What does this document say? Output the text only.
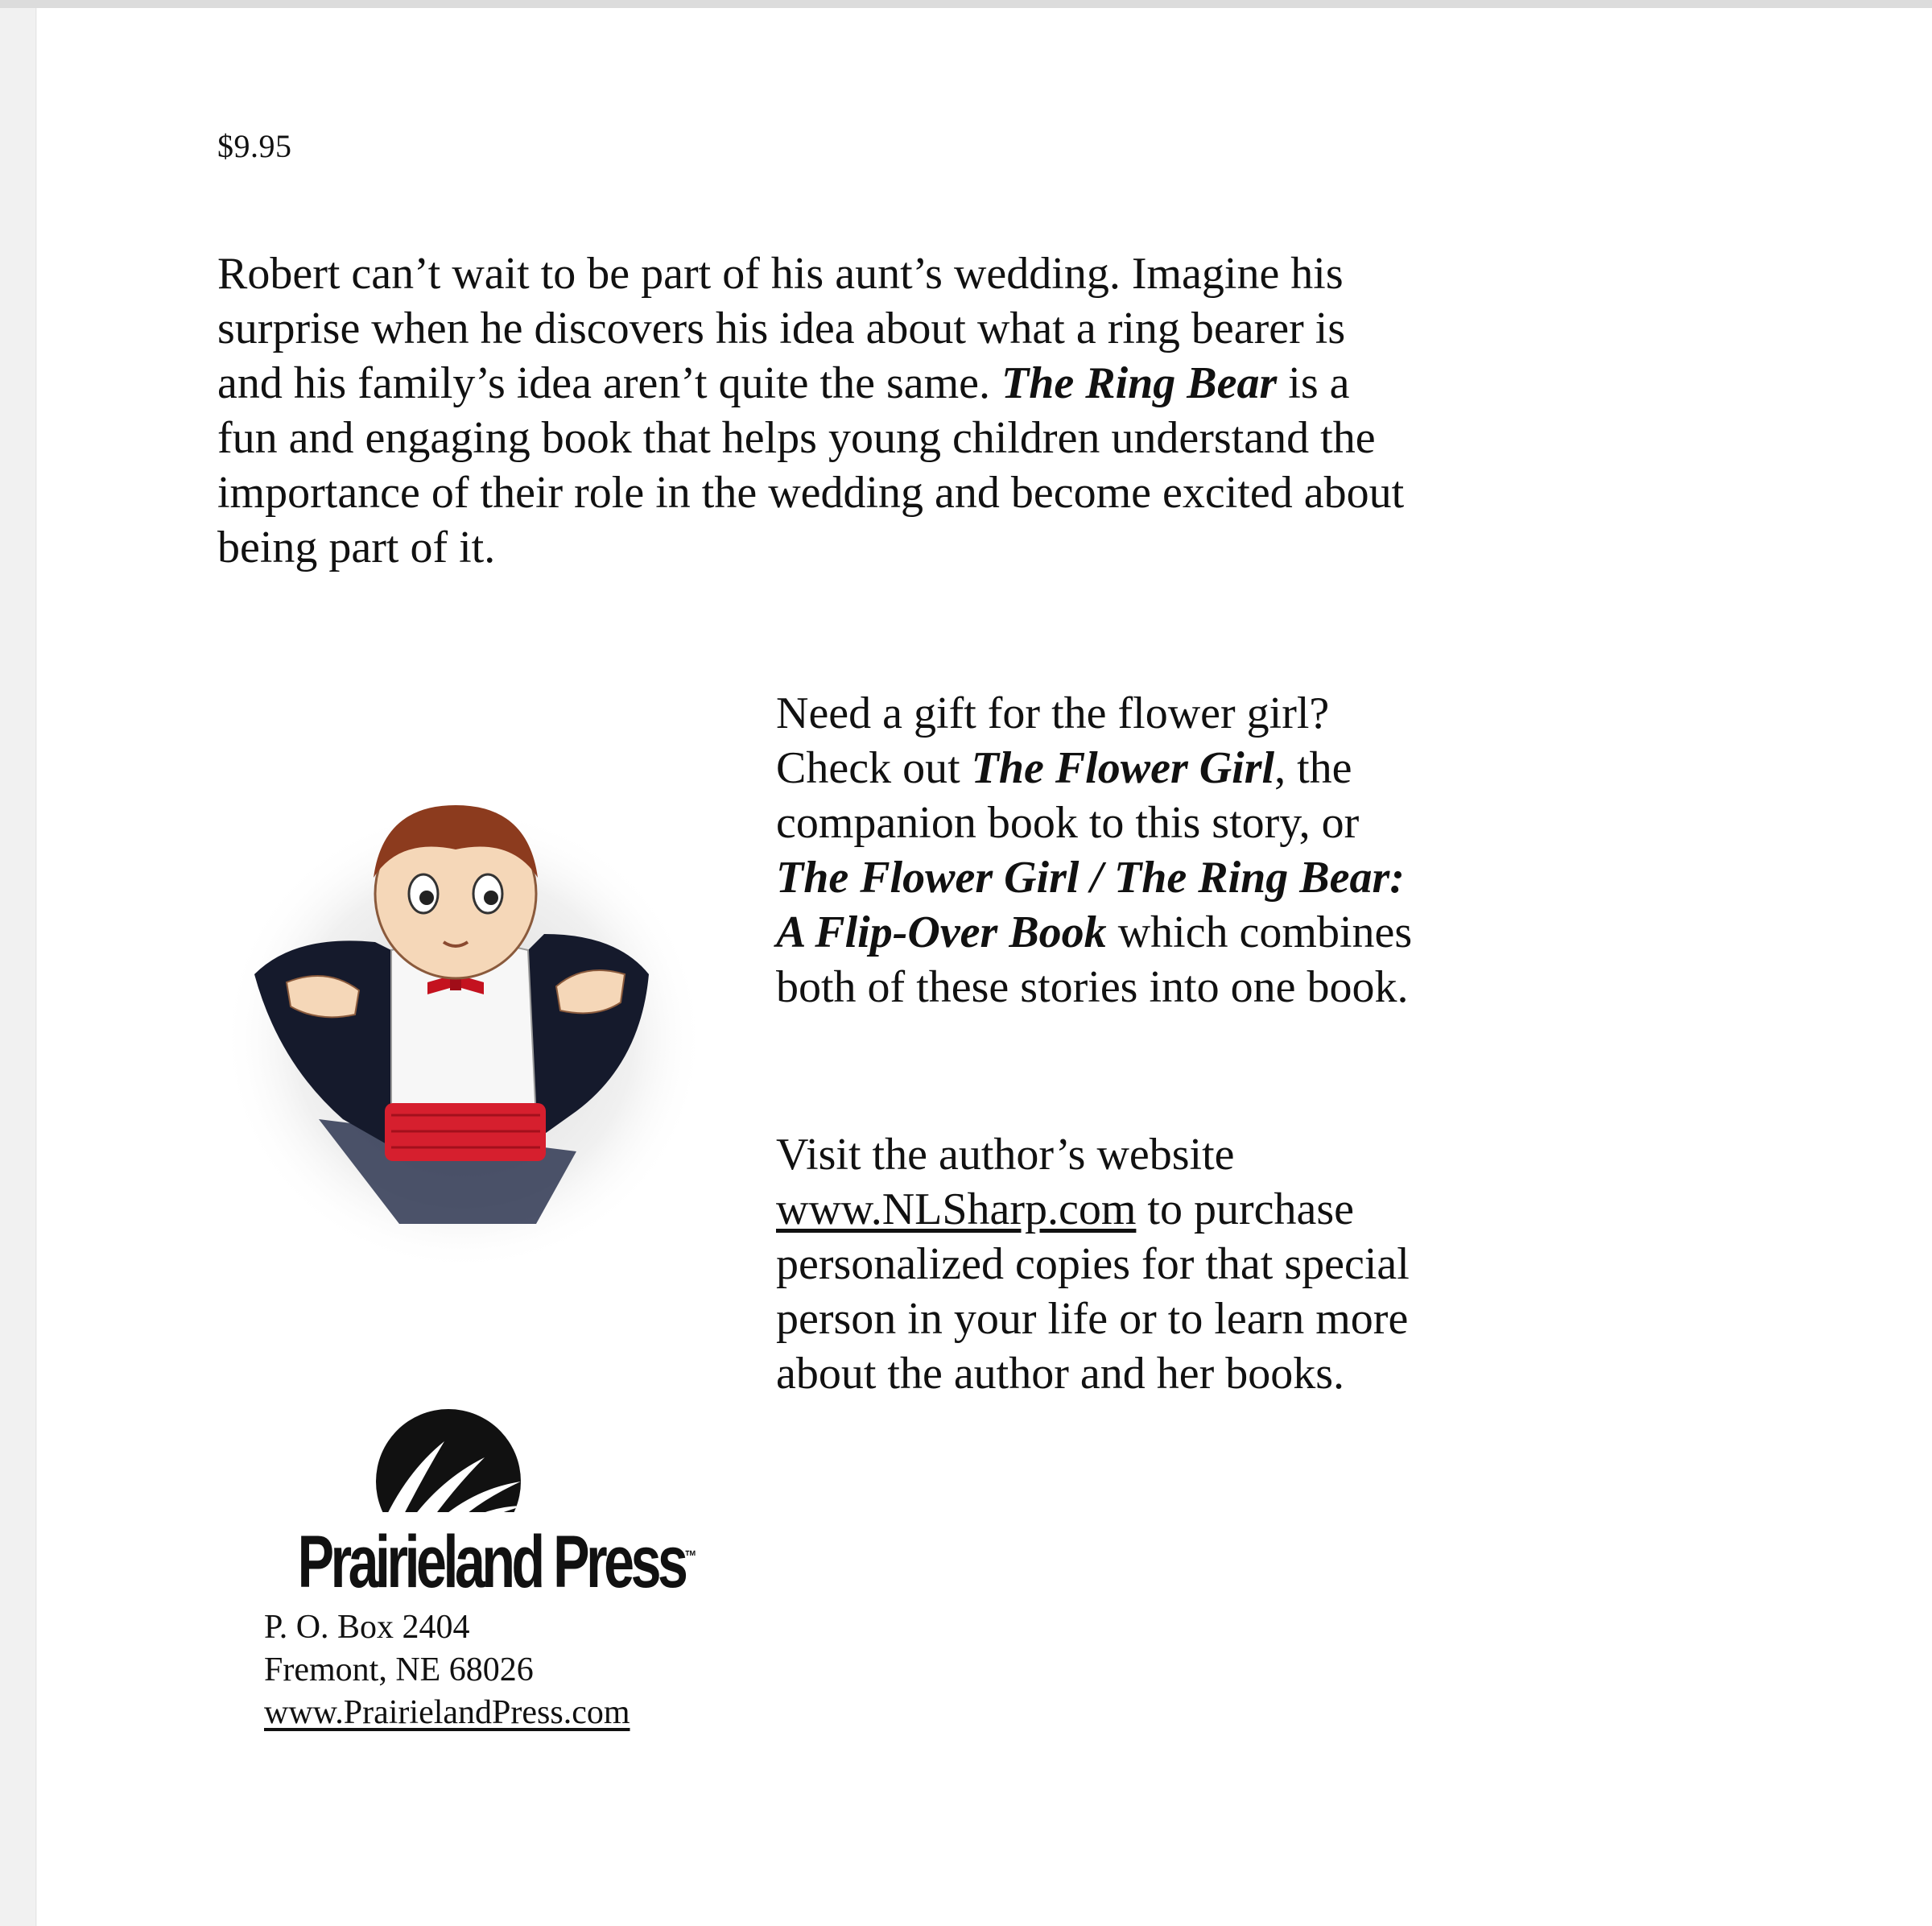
$9.95

Robert can’t wait to be part of his aunt’s wedding. Imagine his surprise when he discovers his idea about what a ring bearer is and his family’s idea aren’t quite the same. The Ring Bear is a fun and engaging book that helps young children understand the importance of their role in the wedding and become excited about being part of it.

Need a gift for the flower girl? Check out The Flower Girl, the companion book to this story, or The Flower Girl / The Ring Bear: A Flip-Over Book which combines both of these stories into one book.
Visit the author’s website www.NLSharp.com to purchase personalized copies for that special person in your life or to learn more about the author and her books.
Prairieland Press™
P. O. Box 2404
Fremont, NE 68026
www.PrairielandPress.com
